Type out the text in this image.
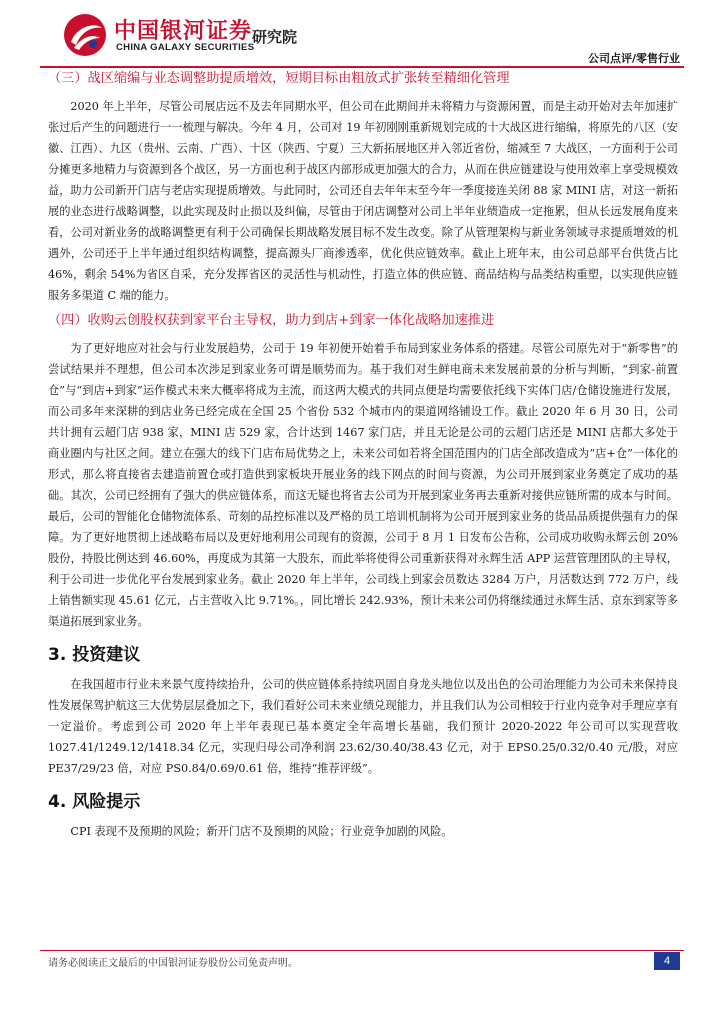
中国银河证券
CHINA GALAXY SECURITIES
研究院
公司点评/零售行业
（三）战区缩编与业态调整助提质增效，短期目标由粗放式扩张转至精细化管理

2020 年上半年，尽管公司展店远不及去年同期水平，但公司在此期间并未将精力与资源闲置，而是主动开始对去年加速扩张过后产生的问题进行一一梳理与解决。今年 4 月，公司对 19 年初刚刚重新规划完成的十大战区进行缩编，将原先的八区（安徽、江西）、九区（贵州、云南、广西）、十区（陕西、宁夏）三大新拓展地区并入邻近省份，缩减至 7 大战区，一方面利于公司分摊更多地精力与资源到各个战区，另一方面也利于战区内部形成更加强大的合力，从而在供应链建设与使用效率上享受规模效益，助力公司新开门店与老店实现提质增效。与此同时，公司还自去年年末至今年一季度接连关闭 88 家 MINI 店，对这一新拓展的业态进行战略调整，以此实现及时止损以及纠偏，尽管由于闭店调整对公司上半年业绩造成一定拖累，但从长远发展角度来看，公司对新业务的战略调整更有利于公司确保长期战略发展目标不发生改变。除了从管理架构与新业务领域寻求提质增效的机遇外，公司还于上半年通过组织结构调整，提高源头厂商渗透率，优化供应链效率。截止上班年末，由公司总部平台供货占比 46%，剩余 54%为省区自采，充分发挥省区的灵活性与机动性，打造立体的供应链、商品结构与品类结构重塑，以实现供应链服务多渠道 C 端的能力。

（四）收购云创股权获到家平台主导权，助力到店+到家一体化战略加速推进

为了更好地应对社会与行业发展趋势，公司于 19 年初便开始着手布局到家业务体系的搭建。尽管公司原先对于“新零售”的尝试结果并不理想，但公司本次涉足到家业务可谓是顺势而为。基于我们对生鲜电商未来发展前景的分析与判断，“到家-前置仓”与“到店+到家”运作模式未来大概率将成为主流，而这两大模式的共同点便是均需要依托线下实体门店/仓储设施进行发展，而公司多年来深耕的到店业务已经完成在全国 25 个省份 532 个城市内的渠道网络铺设工作。截止 2020 年 6 月 30 日，公司共计拥有云超门店 938 家，MINI 店 529 家，合计达到 1467 家门店，并且无论是公司的云超门店还是 MINI 店都大多处于商业圈内与社区之间。建立在强大的线下门店布局优势之上，未来公司如若将全国范围内的门店全部改造成为“店+仓”一体化的形式，那么将直接省去建造前置仓或打造供到家板块开展业务的线下网点的时间与资源，为公司开展到家业务奠定了成功的基础。其次，公司已经拥有了强大的供应链体系，而这无疑也将省去公司为开展到家业务再去重新对接供应链所需的成本与时间。最后，公司的智能化仓储物流体系、苛刻的品控标准以及严格的员工培训机制将为公司开展到家业务的货品品质提供强有力的保障。为了更好地贯彻上述战略布局以及更好地利用公司现有的资源，公司于 8 月 1 日发布公告称，公司成功收购永辉云创 20%股份，持股比例达到 46.60%，再度成为其第一大股东，而此举将使得公司重新获得对永辉生活 APP 运营管理团队的主导权，利于公司进一步优化平台发展到家业务。截止 2020 年上半年，公司线上到家会员数达 3284 万户，月活数达到 772 万户，线上销售额实现 45.61 亿元，占主营收入比 9.71%。，同比增长 242.93%，预计未来公司仍将继续通过永辉生活、京东到家等多渠道拓展到家业务。

3. 投资建议

在我国超市行业未来景气度持续抬升，公司的供应链体系持续巩固自身龙头地位以及出色的公司治理能力为公司未来保持良性发展保驾护航这三大优势层层叠加之下，我们看好公司未来业绩兑现能力，并且我们认为公司相较于行业内竞争对手理应享有一定溢价。考虑到公司 2020 年上半年表现已基本奠定全年高增长基础，我们预计 2020-2022 年公司可以实现营收 1027.41/1249.12/1418.34 亿元，实现归母公司净利润 23.62/30.40/38.43 亿元，对于 EPS0.25/0.32/0.40 元/股，对应 PE37/29/23 倍，对应 PS0.84/0.69/0.61 倍，维持“推荐评级”。

4. 风险提示

CPI 表现不及预期的风险；新开门店不及预期的风险；行业竞争加剧的风险。

请务必阅读正文最后的中国银河证券股份公司免责声明。	4
